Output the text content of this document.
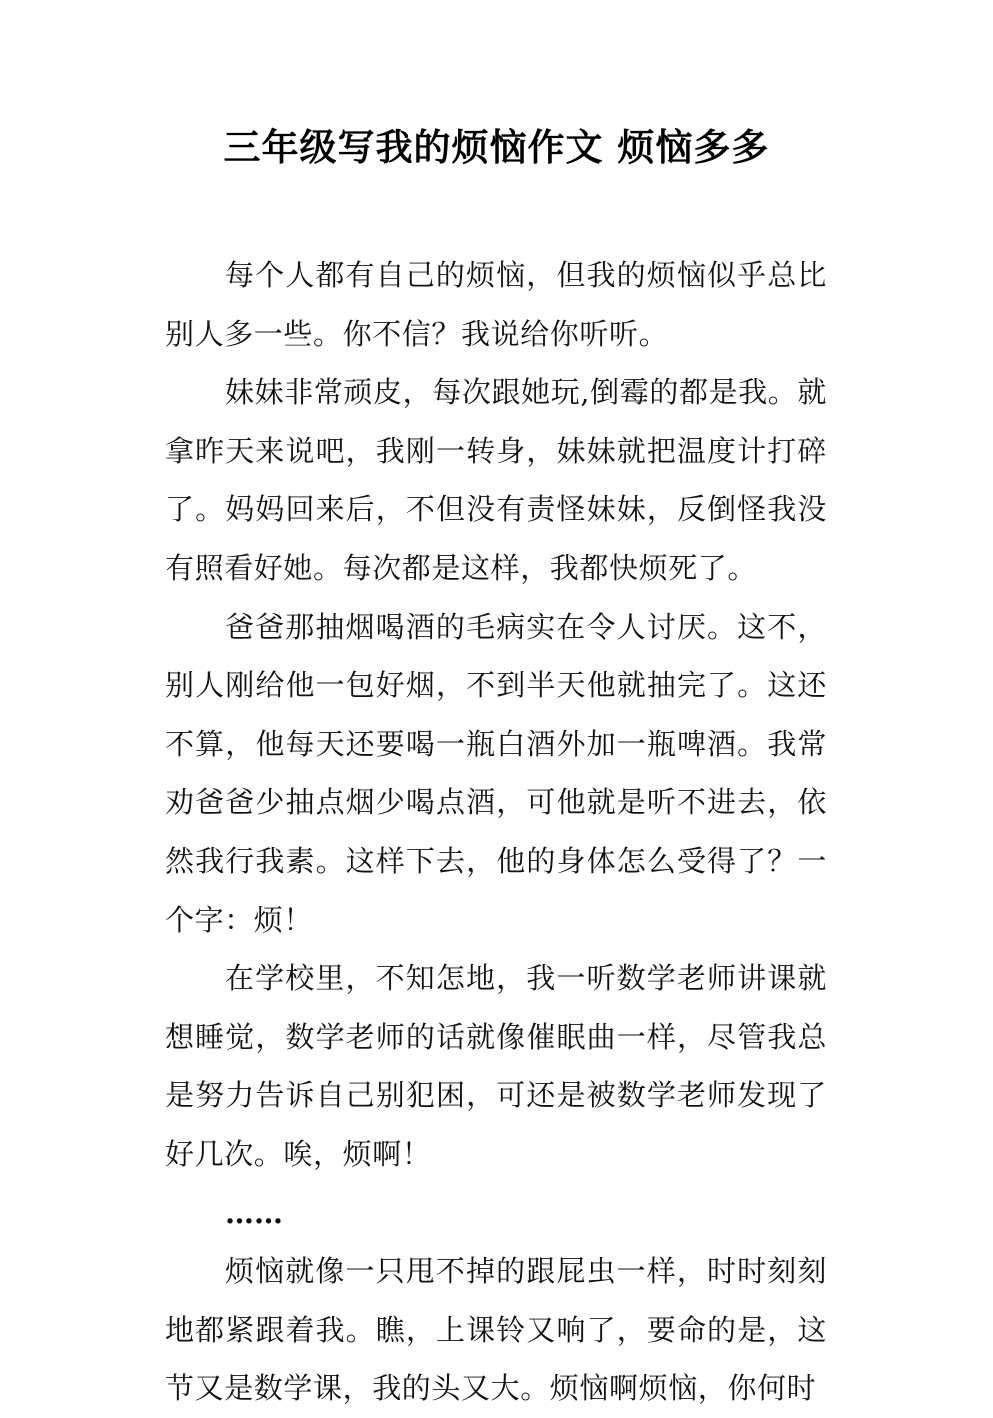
三年级写我的烦恼作文 烦恼多多

每个人都有自己的烦恼，但我的烦恼似乎总比别人多一些。你不信？我说给你听听。

妹妹非常顽皮，每次跟她玩,倒霉的都是我。就拿昨天来说吧，我刚一转身，妹妹就把温度计打碎了。妈妈回来后，不但没有责怪妹妹，反倒怪我没有照看好她。每次都是这样，我都快烦死了。

爸爸那抽烟喝酒的毛病实在令人讨厌。这不，别人刚给他一包好烟，不到半天他就抽完了。这还不算，他每天还要喝一瓶白酒外加一瓶啤酒。我常劝爸爸少抽点烟少喝点酒，可他就是听不进去，依然我行我素。这样下去，他的身体怎么受得了？一个字：烦！

在学校里，不知怎地，我一听数学老师讲课就想睡觉，数学老师的话就像催眠曲一样，尽管我总是努力告诉自己别犯困，可还是被数学老师发现了好几次。唉，烦啊！

……

烦恼就像一只甩不掉的跟屁虫一样，时时刻刻地都紧跟着我。瞧，上课铃又响了，要命的是，这节又是数学课，我的头又大。烦恼啊烦恼，你何时
